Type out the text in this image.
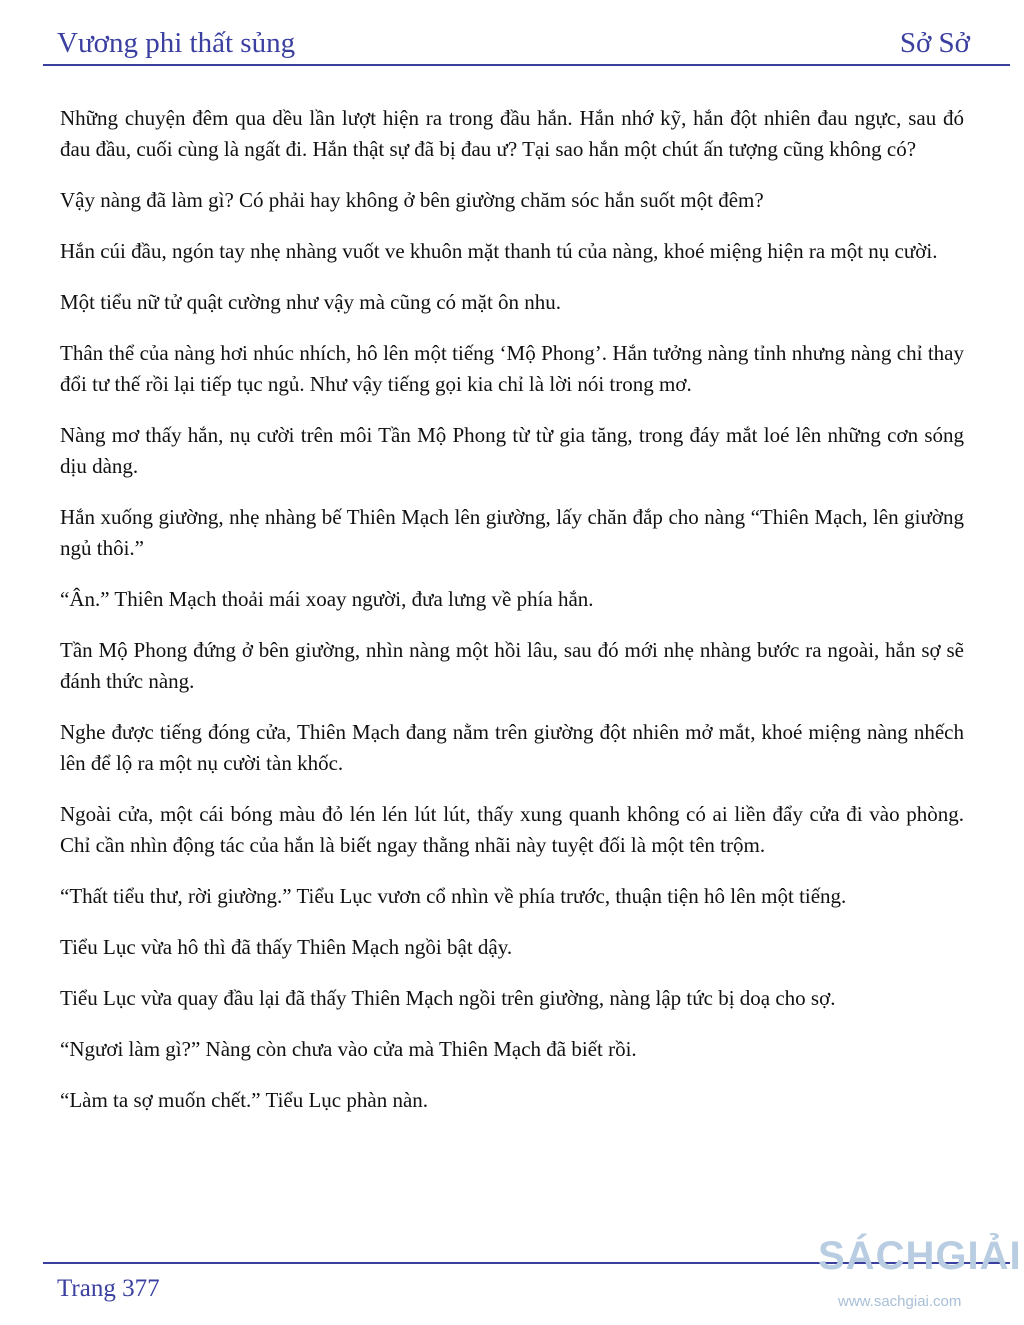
Vương phi thất sủng	Sở Sở

Những chuyện đêm qua dều lần lượt hiện ra trong đầu hắn. Hắn nhớ kỹ, hắn đột nhiên đau ngực, sau đó đau đầu, cuối cùng là ngất đi. Hắn thật sự đã bị đau ư? Tại sao hắn một chút ấn tượng cũng không có?

Vậy nàng đã làm gì? Có phải hay không ở bên giường chăm sóc hắn suốt một đêm?

Hắn cúi đầu, ngón tay nhẹ nhàng vuốt ve khuôn mặt thanh tú của nàng, khoé miệng hiện ra một nụ cười.

Một tiểu nữ tử quật cường như vậy mà cũng có mặt ôn nhu.

Thân thể của nàng hơi nhúc nhích, hô lên một tiếng ‘Mộ Phong’. Hắn tưởng nàng tỉnh nhưng nàng chỉ thay đổi tư thế rồi lại tiếp tục ngủ. Như vậy tiếng gọi kia chỉ là lời nói trong mơ.

Nàng mơ thấy hắn, nụ cười trên môi Tần Mộ Phong từ từ gia tăng, trong đáy mắt loé lên những cơn sóng dịu dàng.

Hắn xuống giường, nhẹ nhàng bế Thiên Mạch lên giường, lấy chăn đắp cho nàng “Thiên Mạch, lên giường ngủ thôi.”

“Ân.” Thiên Mạch thoải mái xoay người, đưa lưng về phía hắn.

Tần Mộ Phong đứng ở bên giường, nhìn nàng một hồi lâu, sau đó mới nhẹ nhàng bước ra ngoài, hắn sợ sẽ đánh thức nàng.

Nghe được tiếng đóng cửa, Thiên Mạch đang nằm trên giường đột nhiên mở mắt, khoé miệng nàng nhếch lên để lộ ra một nụ cười tàn khốc.

Ngoài cửa, một cái bóng màu đỏ lén lén lút lút, thấy xung quanh không có ai liền đẩy cửa đi vào phòng. Chỉ cần nhìn động tác của hắn là biết ngay thằng nhãi này tuyệt đối là một tên trộm.

“Thất tiểu thư, rời giường.” Tiểu Lục vươn cổ nhìn về phía trước, thuận tiện hô lên một tiếng.

Tiểu Lục vừa hô thì đã thấy Thiên Mạch ngồi bật dậy.

Tiểu Lục vừa quay đầu lại đã thấy Thiên Mạch ngồi trên giường, nàng lập tức bị doạ cho sợ.

“Ngươi làm gì?” Nàng còn chưa vào cửa mà Thiên Mạch đã biết rồi.

“Làm ta sợ muốn chết.” Tiểu Lục phàn nàn.

Trang 377
SÁCHGIẢI
www.sachgiai.com
